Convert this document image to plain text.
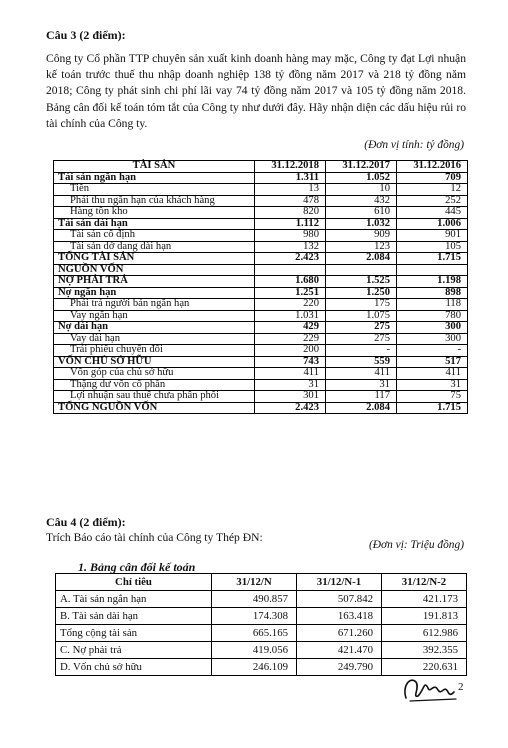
Câu 3 (2 điểm):
Công ty Cổ phần TTP chuyên sản xuất kinh doanh hàng may mặc, Công ty đạt Lợi nhuận kế toán trước thuế thu nhập doanh nghiệp 138 tỷ đồng năm 2017 và 218 tỷ đồng năm 2018; Công ty phát sinh chi phí lãi vay 74 tỷ đồng năm 2017 và 105 tỷ đồng năm 2018. Bảng cân đối kế toán tóm tắt của Công ty như dưới đây. Hãy nhận diện các dấu hiệu rủi ro tài chính của Công ty.
(Đơn vị tính: tỷ đồng)
TÀI SẢN	31.12.2018	31.12.2017	31.12.2016
Tài sản ngắn hạn	1.311	1.052	709
Tiền	13	10	12
Phải thu ngắn hạn của khách hàng	478	432	252
Hàng tồn kho	820	610	445
Tài sản dài hạn	1.112	1.032	1.006
Tài sản cố định	980	909	901
Tài sản dở dang dài hạn	132	123	105
TỔNG TÀI SẢN	2.423	2.084	1.715
NGUỒN VỐN			
NỢ PHẢI TRẢ	1.680	1.525	1.198
Nợ ngắn hạn	1.251	1.250	898
Phải trả người bán ngắn hạn	220	175	118
Vay ngắn hạn	1.031	1.075	780
Nợ dài hạn	429	275	300
Vay dài hạn	229	275	300
Trái phiếu chuyển đổi	200	-	-
VỐN CHỦ SỞ HỮU	743	559	517
Vốn góp của chủ sở hữu	411	411	411
Thặng dư vốn cổ phần	31	31	31
Lợi nhuận sau thuế chưa phân phối	301	117	75
TỔNG NGUỒN VỐN	2.423	2.084	1.715
Câu 4 (2 điểm):
Trích Báo cáo tài chính của Công ty Thép ĐN:
(Đơn vị: Triệu đồng)
1. Bảng cân đối kế toán
Chỉ tiêu	31/12/N	31/12/N-1	31/12/N-2
A. Tài sản ngắn hạn	490.857	507.842	421.173
B. Tài sản dài hạn	174.308	163.418	191.813
Tổng cộng tài sản	665.165	671.260	612.986
C. Nợ phải trả	419.056	421.470	392.355
D. Vốn chủ sở hữu	246.109	249.790	220.631
2
